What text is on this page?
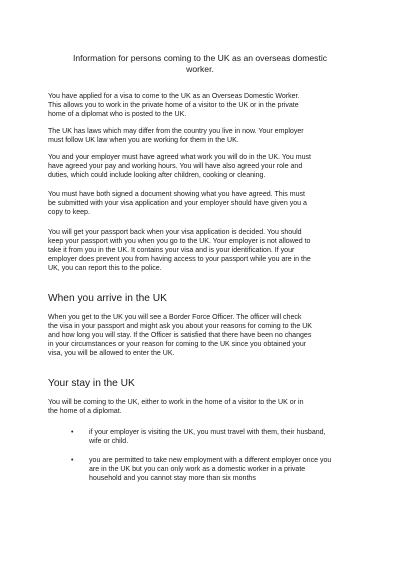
Information for persons coming to the UK as an overseas domestic
worker.

You have applied for a visa to come to the UK as an Overseas Domestic Worker.
This allows you to work in the private home of a visitor to the UK or in the private
home of a diplomat who is posted to the UK.

The UK has laws which may differ from the country you live in now. Your employer
must follow UK law when you are working for them in the UK.

You and your employer must have agreed what work you will do in the UK. You must
have agreed your pay and working hours. You will have also agreed your role and
duties, which could include looking after children, cooking or cleaning.

You must have both signed a document showing what you have agreed. This must
be submitted with your visa application and your employer should have given you a
copy to keep.

You will get your passport back when your visa application is decided. You should
keep your passport with you when you go to the UK. Your employer is not allowed to
take it from you in the UK. It contains your visa and is your identification. If your
employer does prevent you from having access to your passport while you are in the
UK, you can report this to the police.

When you arrive in the UK

When you get to the UK you will see a Border Force Officer. The officer will check
the visa in your passport and might ask you about your reasons for coming to the UK
and how long you will stay. If the Officer is satisfied that there have been no changes
in your circumstances or your reason for coming to the UK since you obtained your
visa, you will be allowed to enter the UK.

Your stay in the UK

You will be coming to the UK, either to work in the home of a visitor to the UK or in
the home of a diplomat.

• if your employer is visiting the UK, you must travel with them, their husband,
wife or child.
• you are permitted to take new employment with a different employer once you
are in the UK but you can only work as a domestic worker in a private
household and you cannot stay more than six months
